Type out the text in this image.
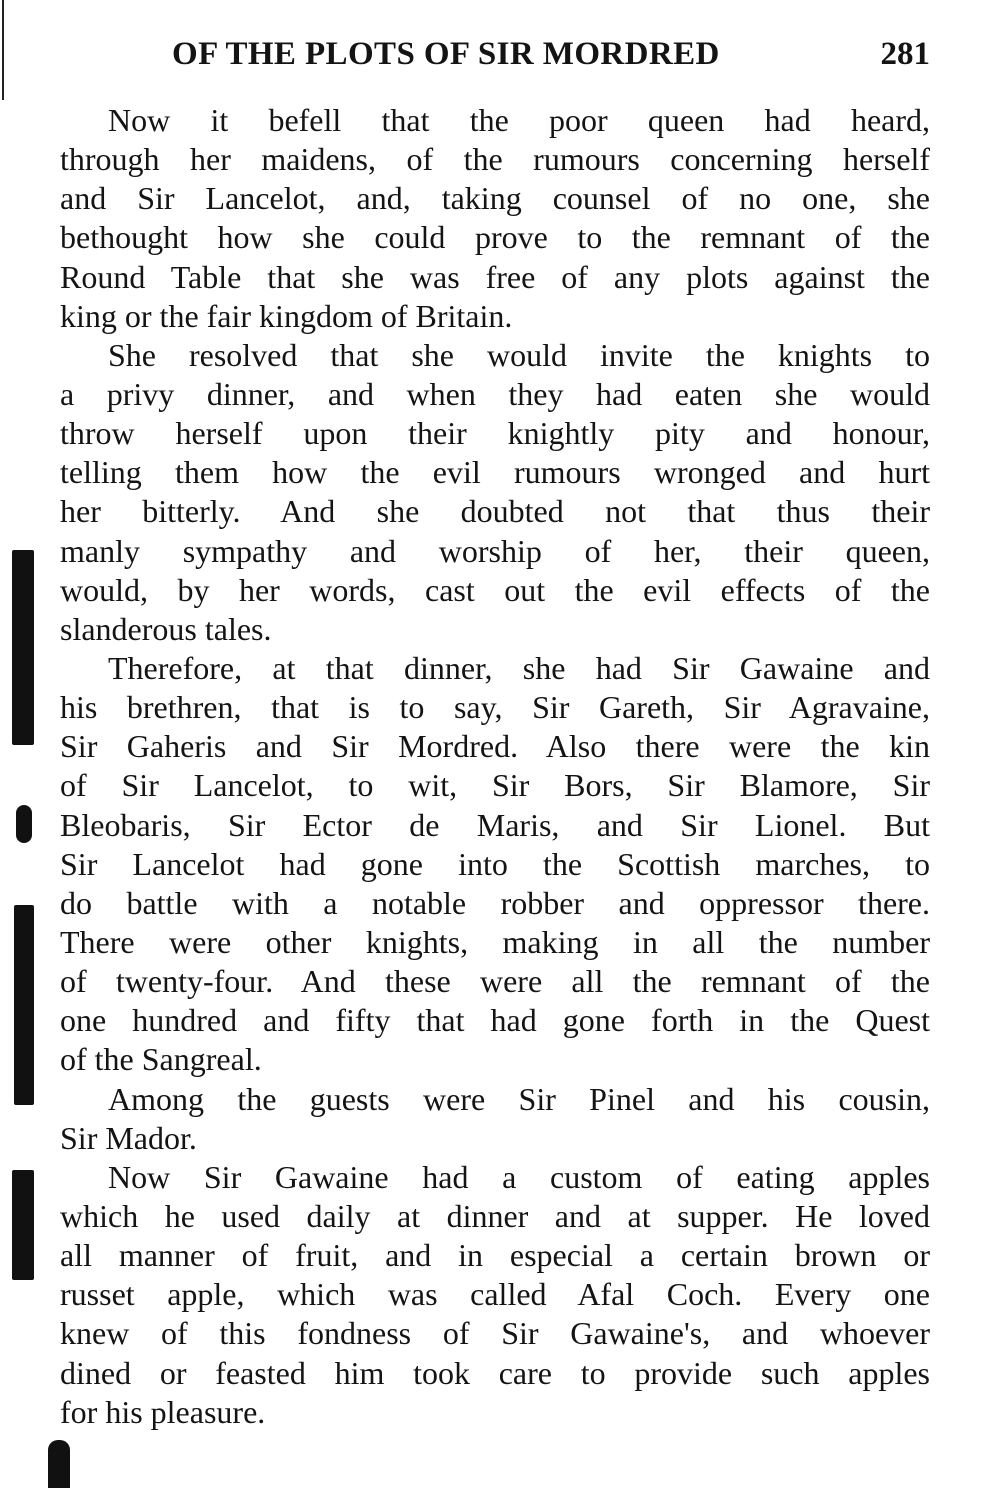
OF THE PLOTS OF SIR MORDRED	281

Now it befell that the poor queen had heard,
through her maidens, of the rumours concerning herself
and Sir Lancelot, and, taking counsel of no one, she
bethought how she could prove to the remnant of the
Round Table that she was free of any plots against the
king or the fair kingdom of Britain.

She resolved that she would invite the knights to
a privy dinner, and when they had eaten she would
throw herself upon their knightly pity and honour,
telling them how the evil rumours wronged and hurt
her bitterly. And she doubted not that thus their
manly sympathy and worship of her, their queen,
would, by her words, cast out the evil effects of the
slanderous tales.

Therefore, at that dinner, she had Sir Gawaine and
his brethren, that is to say, Sir Gareth, Sir Agravaine,
Sir Gaheris and Sir Mordred. Also there were the kin
of Sir Lancelot, to wit, Sir Bors, Sir Blamore, Sir
Bleobaris, Sir Ector de Maris, and Sir Lionel. But
Sir Lancelot had gone into the Scottish marches, to
do battle with a notable robber and oppressor there.
There were other knights, making in all the number
of twenty-four. And these were all the remnant of the
one hundred and fifty that had gone forth in the Quest
of the Sangreal.

Among the guests were Sir Pinel and his cousin,
Sir Mador.

Now Sir Gawaine had a custom of eating apples
which he used daily at dinner and at supper. He loved
all manner of fruit, and in especial a certain brown or
russet apple, which was called Afal Coch. Every one
knew of this fondness of Sir Gawaine's, and whoever
dined or feasted him took care to provide such apples
for his pleasure.
